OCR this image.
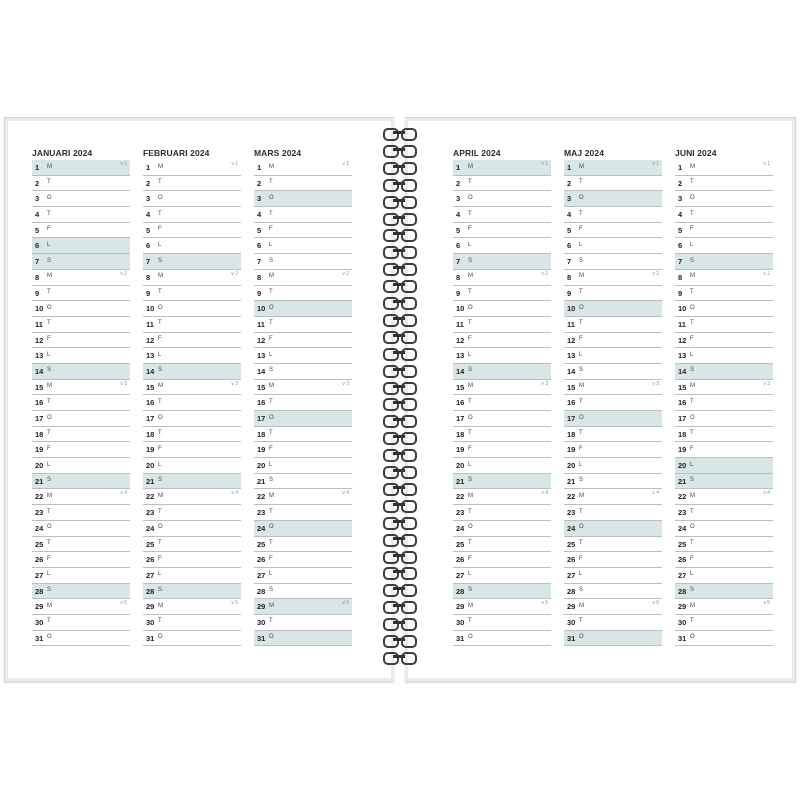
JANUARI 2024
1	M	v 1
2	T
3	O
4	T
5	F
6	L
7	S
8	M	v 2
9	T
10 O
11 T
12 F
13 L
14 S
15 M	v 3
16 T
17 O
18 T
19 F
20 L
21 S
22 M	v 4
23 T
24 O
25 T
26 F
27 L
28 S
29 M	v 5
30 T
31 O
FEBRUARI 2024
1	M	v 1
2	T
3	O
4	T
5	F
6	L
7	S
8	M	v 2
9	T
10 O
11 T
12 F
13 L
14 S
15 M	v 3
16 T
17 O
18 T
19 F
20 L
21 S
22 M	v 4
23 T
24 O
25 T
26 F
27 L
28 S
29 M	v 5
30 T
31 O
MARS 2024
1	M	v 1
2	T
3	O
4	T
5	F
6	L
7	S
8	M	v 2
9	T
10 O
11 T
12 F
13 L
14 S
15 M	v 3
16 T
17 O
18 T
19 F
20 L
21 S
22 M	v 4
23 T
24 O
25 T
26 F
27 L
28 S
29 M	v 5
30 T
31 O
APRIL 2024
1	M	v 1
2	T
3	O
4	T
5	F
6	L
7	S
8	M	v 2
9	T
10 O
11 T
12 F
13 L
14 S
15 M	v 3
16 T
17 O
18 T
19 F
20 L
21 S
22 M	v 4
23 T
24 O
25 T
26 F
27 L
28 S
29 M	v 5
30 T
31 O
MAJ 2024
1	M	v 1
2	T
3	O
4	T
5	F
6	L
7	S
8	M	v 2
9	T
10 O
11 T
12 F
13 L
14 S
15 M	v 3
16 T
17 O
18 T
19 F
20 L
21 S
22 M	v 4
23 T
24 O
25 T
26 F
27 L
28 S
29 M	v 5
30 T
31 O
JUNI 2024
1	M	v 1
2	T
3	O
4	T
5	F
6	L
7	S
8	M	v 2
9	T
10 O
11 T
12 F
13 L
14 S
15 M	v 3
16 T
17 O
18 T
19 F
20 L
21 S
22 M	v 4
23 T
24 O
25 T
26 F
27 L
28 S
29 M	v 5
30 T
31 O
